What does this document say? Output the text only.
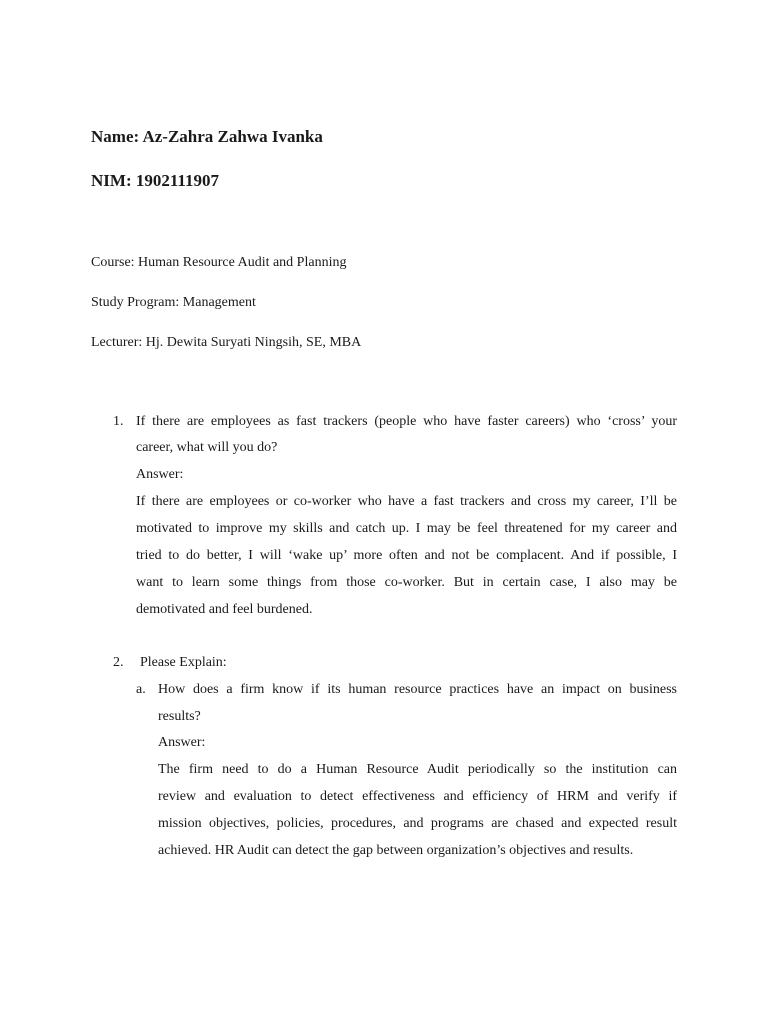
Name: Az-Zahra Zahwa Ivanka
NIM: 1902111907
Course: Human Resource Audit and Planning
Study Program: Management
Lecturer: Hj. Dewita Suryati Ningsih, SE, MBA
1. If there are employees as fast trackers (people who have faster careers) who ‘cross’ your
career, what will you do?
Answer:
If there are employees or co-worker who have a fast trackers and cross my career, I’ll be
motivated to improve my skills and catch up. I may be feel threatened for my career and
tried to do better, I will ‘wake up’ more often and not be complacent. And if possible, I
want to learn some things from those co-worker. But in certain case, I also may be
demotivated and feel burdened.
2. Please Explain:
a. How does a firm know if its human resource practices have an impact on business
results?
Answer:
The firm need to do a Human Resource Audit periodically so the institution can
review and evaluation to detect effectiveness and efficiency of HRM and verify if
mission objectives, policies, procedures, and programs are chased and expected result
achieved. HR Audit can detect the gap between organization’s objectives and results.
